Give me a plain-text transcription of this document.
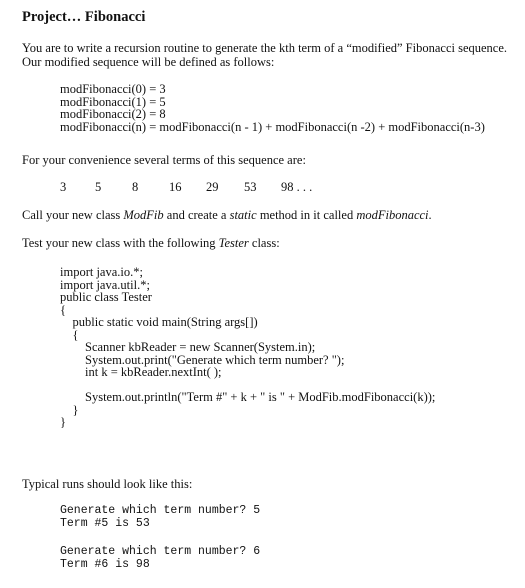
Project… Fibonacci
You are to write a recursion routine to generate the kth term of a “modified” Fibonacci sequence.
Our modified sequence will be defined as follows:
modFibonacci(0) = 3
modFibonacci(1) = 5
modFibonacci(2) = 8
modFibonacci(n) = modFibonacci(n - 1) + modFibonacci(n -2) + modFibonacci(n-3)
For your convenience several terms of this sequence are:
3 5 8 16 29 53 98 . . .
Call your new class ModFib and create a static method in it called modFibonacci.
Test your new class with the following Tester class:
import java.io.*;
import java.util.*;
public class Tester
{
public static void main(String args[])
{
Scanner kbReader = new Scanner(System.in);
System.out.print("Generate which term number? ");
int k = kbReader.nextInt( );
System.out.println("Term #" + k + " is " + ModFib.modFibonacci(k));
}
}
Typical runs should look like this:
Generate which term number? 5
Term #5 is 53
Generate which term number? 6
Term #6 is 98
